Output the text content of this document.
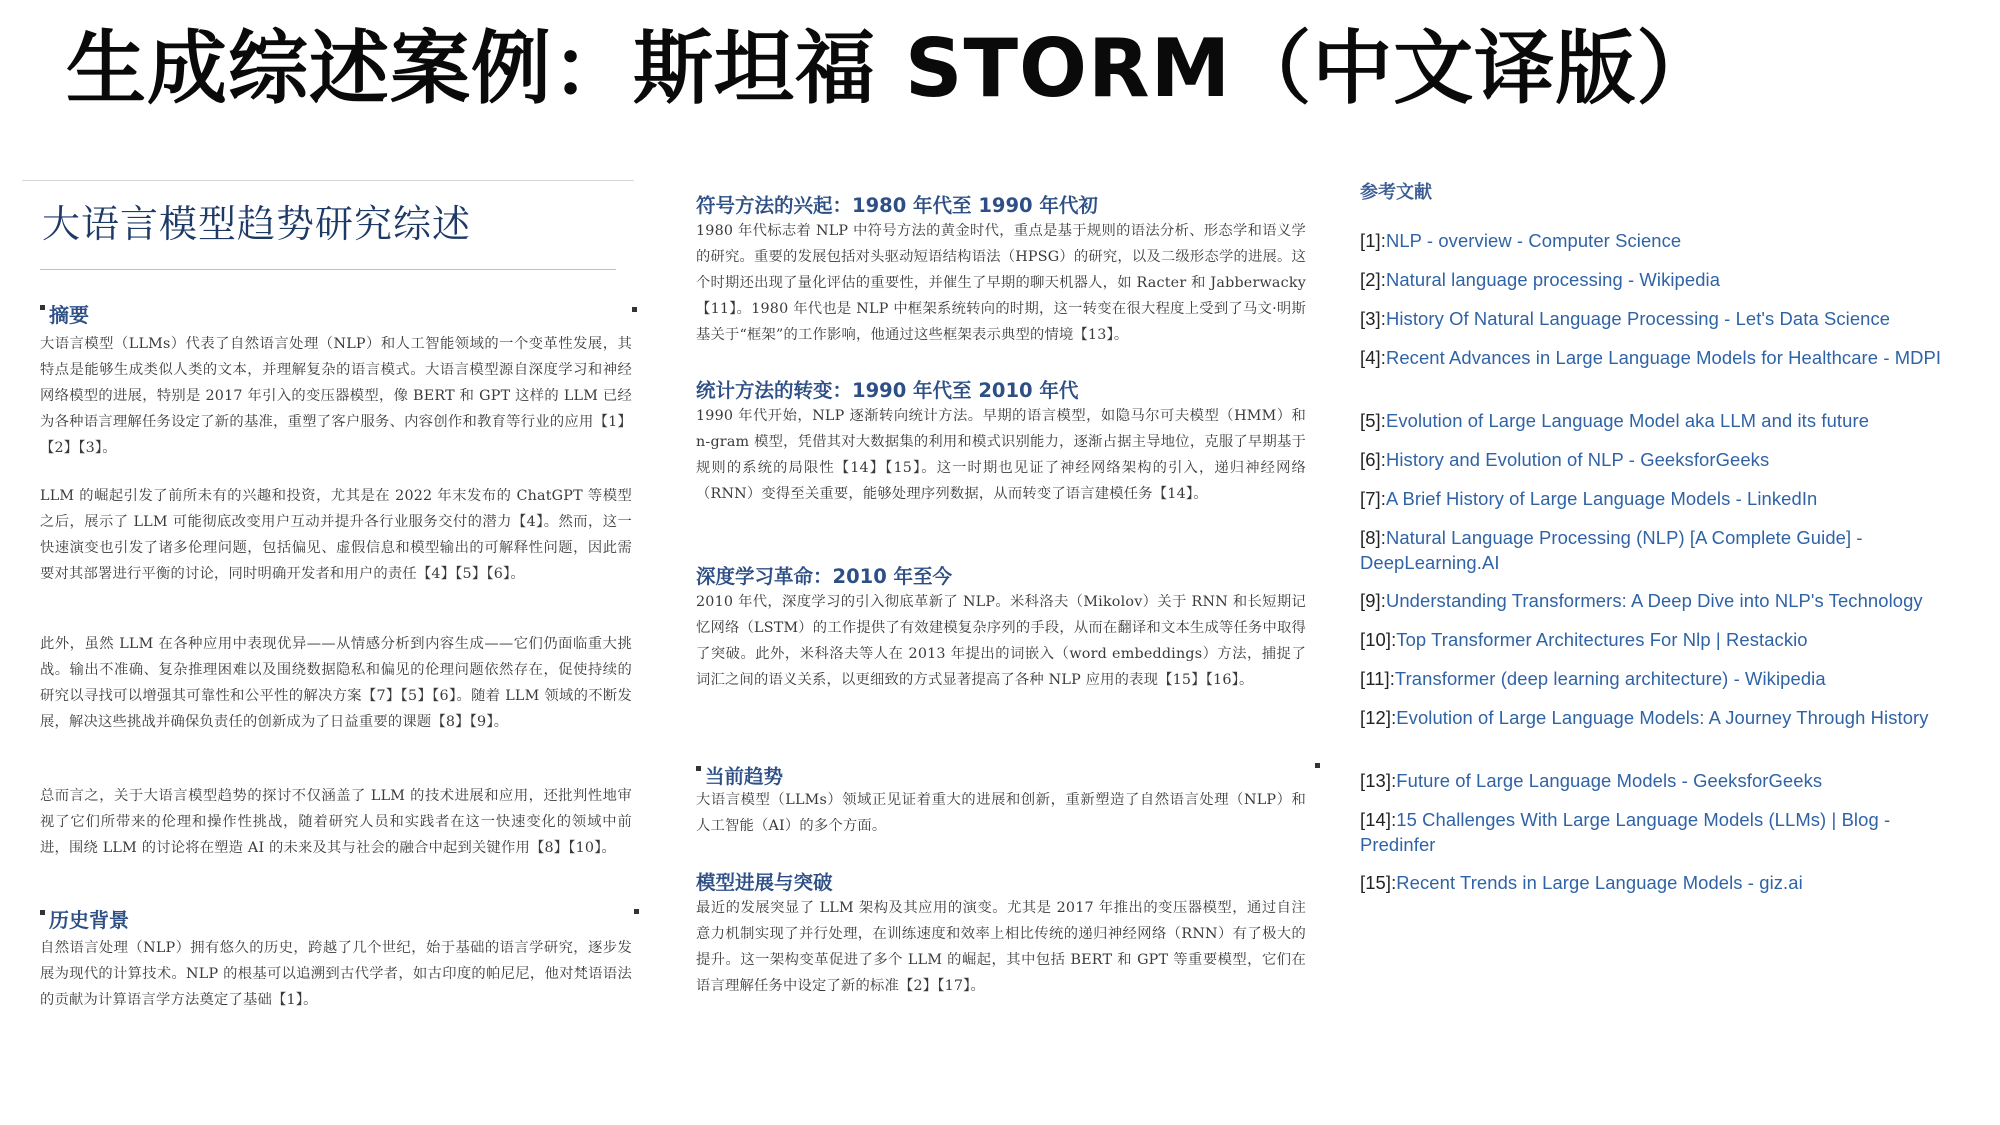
生成综述案例：斯坦福 STORM（中文译版）
大语言模型趋势研究综述
摘要
大语言模型（LLMs）代表了自然语言处理（NLP）和人工智能领域的一个变革性发展，其特点是能够生成类似人类的文本，并理解复杂的语言模式。大语言模型源自深度学习和神经网络模型的进展，特别是 2017 年引入的变压器模型，像 BERT 和 GPT 这样的 LLM 已经为各种语言理解任务设定了新的基准，重塑了客户服务、内容创作和教育等行业的应用【1】【2】【3】。
LLM 的崛起引发了前所未有的兴趣和投资，尤其是在 2022 年末发布的 ChatGPT 等模型之后，展示了 LLM 可能彻底改变用户互动并提升各行业服务交付的潜力【4】。然而，这一快速演变也引发了诸多伦理问题，包括偏见、虚假信息和模型输出的可解释性问题，因此需要对其部署进行平衡的讨论，同时明确开发者和用户的责任【4】【5】【6】。
此外，虽然 LLM 在各种应用中表现优异——从情感分析到内容生成——它们仍面临重大挑战。输出不准确、复杂推理困难以及围绕数据隐私和偏见的伦理问题依然存在，促使持续的研究以寻找可以增强其可靠性和公平性的解决方案【7】【5】【6】。随着 LLM 领域的不断发展，解决这些挑战并确保负责任的创新成为了日益重要的课题【8】【9】。
总而言之，关于大语言模型趋势的探讨不仅涵盖了 LLM 的技术进展和应用，还批判性地审视了它们所带来的伦理和操作性挑战，随着研究人员和实践者在这一快速变化的领域中前进，围绕 LLM 的讨论将在塑造 AI 的未来及其与社会的融合中起到关键作用【8】【10】。
历史背景
自然语言处理（NLP）拥有悠久的历史，跨越了几个世纪，始于基础的语言学研究，逐步发展为现代的计算技术。NLP 的根基可以追溯到古代学者，如古印度的帕尼尼，他对梵语语法的贡献为计算语言学方法奠定了基础【1】。
符号方法的兴起：1980 年代至 1990 年代初
1980 年代标志着 NLP 中符号方法的黄金时代，重点是基于规则的语法分析、形态学和语义学的研究。重要的发展包括对头驱动短语结构语法（HPSG）的研究，以及二级形态学的进展。这个时期还出现了量化评估的重要性，并催生了早期的聊天机器人，如 Racter 和 Jabberwacky【11】。1980 年代也是 NLP 中框架系统转向的时期，这一转变在很大程度上受到了马文·明斯基关于“框架”的工作影响，他通过这些框架表示典型的情境【13】。
统计方法的转变：1990 年代至 2010 年代
1990 年代开始，NLP 逐渐转向统计方法。早期的语言模型，如隐马尔可夫模型（HMM）和 n-gram 模型，凭借其对大数据集的利用和模式识别能力，逐渐占据主导地位，克服了早期基于规则的系统的局限性【14】【15】。这一时期也见证了神经网络架构的引入，递归神经网络（RNN）变得至关重要，能够处理序列数据，从而转变了语言建模任务【14】。
深度学习革命：2010 年至今
2010 年代，深度学习的引入彻底革新了 NLP。米科洛夫（Mikolov）关于 RNN 和长短期记忆网络（LSTM）的工作提供了有效建模复杂序列的手段，从而在翻译和文本生成等任务中取得了突破。此外，米科洛夫等人在 2013 年提出的词嵌入（word embeddings）方法，捕捉了词汇之间的语义关系，以更细致的方式显著提高了各种 NLP 应用的表现【15】【16】。
当前趋势
大语言模型（LLMs）领域正见证着重大的进展和创新，重新塑造了自然语言处理（NLP）和人工智能（AI）的多个方面。
模型进展与突破
最近的发展突显了 LLM 架构及其应用的演变。尤其是 2017 年推出的变压器模型，通过自注意力机制实现了并行处理，在训练速度和效率上相比传统的递归神经网络（RNN）有了极大的提升。这一架构变革促进了多个 LLM 的崛起，其中包括 BERT 和 GPT 等重要模型，它们在语言理解任务中设定了新的标准【2】【17】。
参考文献
[1]:NLP - overview - Computer Science
[2]:Natural language processing - Wikipedia
[3]:History Of Natural Language Processing - Let's Data Science
[4]:Recent Advances in Large Language Models for Healthcare - MDPI
[5]:Evolution of Large Language Model aka LLM and its future
[6]:History and Evolution of NLP - GeeksforGeeks
[7]:A Brief History of Large Language Models - LinkedIn
[8]:Natural Language Processing (NLP) [A Complete Guide] - DeepLearning.AI
[9]:Understanding Transformers: A Deep Dive into NLP's Technology
[10]:Top Transformer Architectures For Nlp | Restackio
[11]:Transformer (deep learning architecture) - Wikipedia
[12]:Evolution of Large Language Models: A Journey Through History
[13]:Future of Large Language Models - GeeksforGeeks
[14]:15 Challenges With Large Language Models (LLMs) | Blog - Predinfer
[15]:Recent Trends in Large Language Models - giz.ai
